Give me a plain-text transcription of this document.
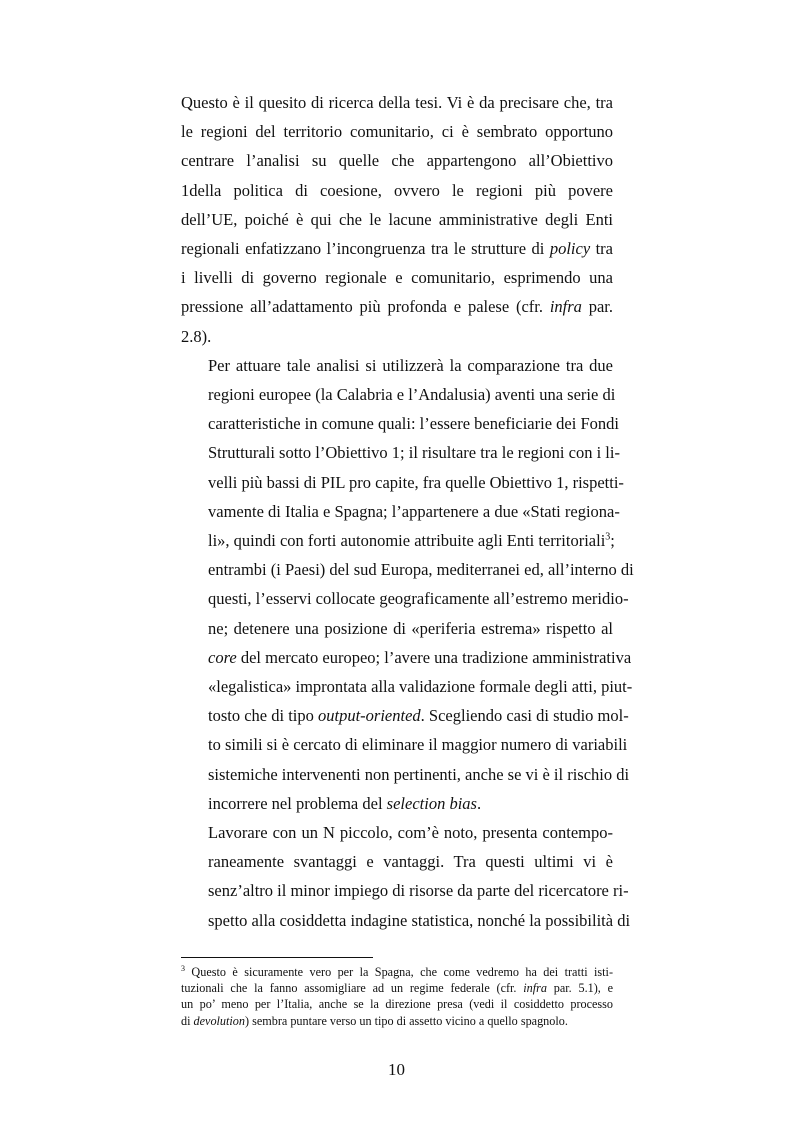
Questo è il quesito di ricerca della tesi. Vi è da precisare che, tra
le regioni del territorio comunitario, ci è sembrato opportuno
centrare l’analisi su quelle che appartengono all’Obiettivo
1della politica di coesione, ovvero le regioni più povere
dell’UE, poiché è qui che le lacune amministrative degli Enti
regionali enfatizzano l’incongruenza tra le strutture di policy tra
i livelli di governo regionale e comunitario, esprimendo una
pressione all’adattamento più profonda e palese (cfr. infra par.
2.8).

Per attuare tale analisi si utilizzerà la comparazione tra due
regioni europee (la Calabria e l’Andalusia) aventi una serie di
caratteristiche in comune quali: l’essere beneficiarie dei Fondi
Strutturali sotto l’Obiettivo 1; il risultare tra le regioni con i li-
velli più bassi di PIL pro capite, fra quelle Obiettivo 1, rispetti-
vamente di Italia e Spagna; l’appartenere a due «Stati regiona-
li», quindi con forti autonomie attribuite agli Enti territoriali$^3$;
entrambi (i Paesi) del sud Europa, mediterranei ed, all’interno di
questi, l’esservi collocate geograficamente all’estremo meridio-
ne; detenere una posizione di «periferia estrema» rispetto al
core del mercato europeo; l’avere una tradizione amministrativa
«legalistica» improntata alla validazione formale degli atti, piut-
tosto che di tipo output-oriented. Scegliendo casi di studio mol-
to simili si è cercato di eliminare il maggior numero di variabili
sistemiche intervenenti non pertinenti, anche se vi è il rischio di
incorrere nel problema del selection bias.

Lavorare con un N piccolo, com’è noto, presenta contempo-
raneamente svantaggi e vantaggi. Tra questi ultimi vi è
senz’altro il minor impiego di risorse da parte del ricercatore ri-
spetto alla cosiddetta indagine statistica, nonché la possibilità di

$^3$ Questo è sicuramente vero per la Spagna, che come vedremo ha dei tratti isti-
tuzionali che la fanno assomigliare ad un regime federale (cfr. infra par. 5.1), e
un po’ meno per l’Italia, anche se la direzione presa (vedi il cosiddetto processo
di devolution) sembra puntare verso un tipo di assetto vicino a quello spagnolo.
10
